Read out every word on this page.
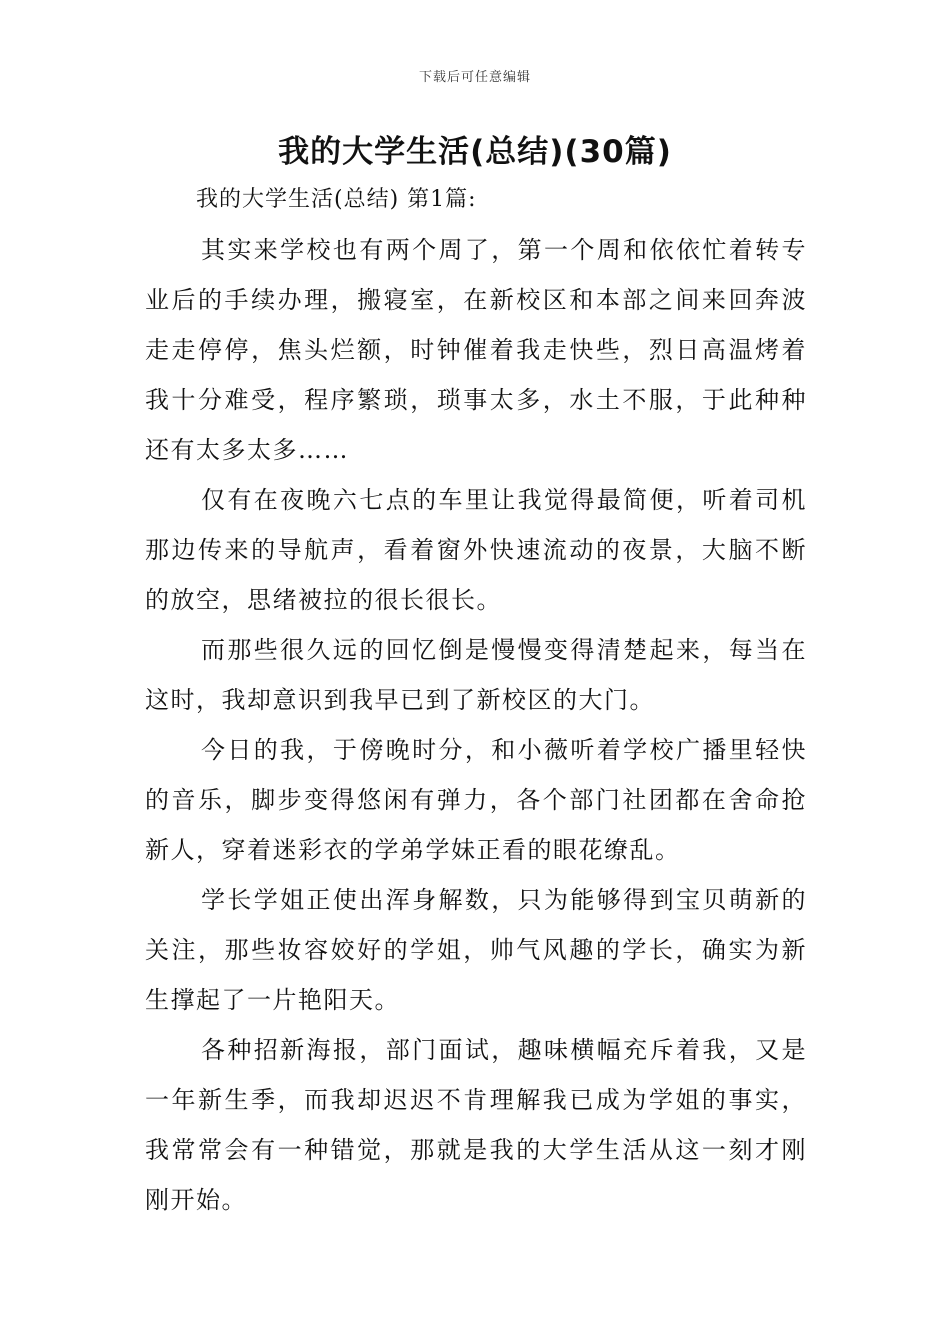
下载后可任意编辑
我的大学生活(总结)(30篇)

我的大学生活(总结) 第1篇:

其实来学校也有两个周了，第一个周和依依忙着转专业后的手续办理，搬寝室，在新校区和本部之间来回奔波走走停停，焦头烂额，时钟催着我走快些，烈日高温烤着我十分难受，程序繁琐，琐事太多，水土不服，于此种种还有太多太多……

仅有在夜晚六七点的车里让我觉得最简便，听着司机那边传来的导航声，看着窗外快速流动的夜景，大脑不断的放空，思绪被拉的很长很长。

而那些很久远的回忆倒是慢慢变得清楚起来，每当在这时，我却意识到我早已到了新校区的大门。

今日的我，于傍晚时分，和小薇听着学校广播里轻快的音乐，脚步变得悠闲有弹力，各个部门社团都在舍命抢新人，穿着迷彩衣的学弟学妹正看的眼花缭乱。

学长学姐正使出浑身解数，只为能够得到宝贝萌新的关注，那些妆容姣好的学姐，帅气风趣的学长，确实为新生撑起了一片艳阳天。

各种招新海报，部门面试，趣味横幅充斥着我，又是一年新生季，而我却迟迟不肯理解我已成为学姐的事实，我常常会有一种错觉，那就是我的大学生活从这一刻才刚刚开始。
